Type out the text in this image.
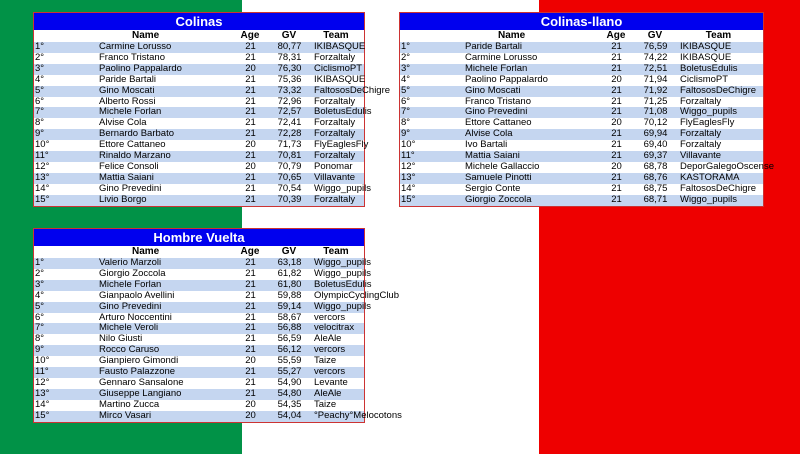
Colinas
	Name	Age	GV	Team
1°	Carmine Lorusso	21	80,77	IKIBASQUE
2°	Franco Tristano	21	78,31	Forzaltaly
3°	Paolino Pappalardo	20	76,30	CiclismoPT
4°	Paride Bartali	21	75,36	IKIBASQUE
5°	Gino Moscati	21	73,32	FaltososDeChigre
6°	Alberto Rossi	21	72,96	Forzaltaly
7°	Michele Forlan	21	72,57	BoletusEdulis
8°	Alvise Cola	21	72,41	Forzaltaly
9°	Bernardo Barbato	21	72,28	Forzaltaly
10°	Ettore Cattaneo	20	71,73	FlyEaglesFly
11°	Rinaldo Marzano	21	70,81	Forzaltaly
12°	Felice Consoli	20	70,79	Ponomar
13°	Mattia Saiani	21	70,65	Villavante
14°	Gino Prevedini	21	70,54	Wiggo_pupils
15°	Livio Borgo	21	70,39	Forzaltaly
Colinas-llano
	Name	Age	GV	Team
1°	Paride Bartali	21	76,59	IKIBASQUE
2°	Carmine Lorusso	21	74,22	IKIBASQUE
3°	Michele Forlan	21	72,51	BoletusEdulis
4°	Paolino Pappalardo	20	71,94	CiclismoPT
5°	Gino Moscati	21	71,92	FaltososDeChigre
6°	Franco Tristano	21	71,25	Forzaltaly
7°	Gino Prevedini	21	71,08	Wiggo_pupils
8°	Ettore Cattaneo	20	70,12	FlyEaglesFly
9°	Alvise Cola	21	69,94	Forzaltaly
10°	Ivo Bartali	21	69,40	Forzaltaly
11°	Mattia Saiani	21	69,37	Villavante
12°	Michele Gallaccio	20	68,78	DeporGalegoOscense
13°	Samuele Pinotti	21	68,76	KASTORAMA
14°	Sergio Conte	21	68,75	FaltososDeChigre
15°	Giorgio Zoccola	21	68,71	Wiggo_pupils
Hombre Vuelta
	Name	Age	GV	Team
1°	Valerio Marzoli	21	63,18	Wiggo_pupils
2°	Giorgio Zoccola	21	61,82	Wiggo_pupils
3°	Michele Forlan	21	61,80	BoletusEdulis
4°	Gianpaolo Avellini	21	59,88	OlympicCyclingClub
5°	Gino Prevedini	21	59,14	Wiggo_pupils
6°	Arturo Noccentini	21	58,67	vercors
7°	Michele Veroli	21	56,88	velocitrax
8°	Nilo Giusti	21	56,59	AleAle
9°	Rocco Caruso	21	56,12	vercors
10°	Gianpiero Gimondi	20	55,59	Taize
11°	Fausto Palazzone	21	55,27	vercors
12°	Gennaro Sansalone	21	54,90	Levante
13°	Giuseppe Langiano	21	54,80	AleAle
14°	Martino Zucca	20	54,35	Taize
15°	Mirco Vasari	20	54,04	°Peachy°Melocotons
